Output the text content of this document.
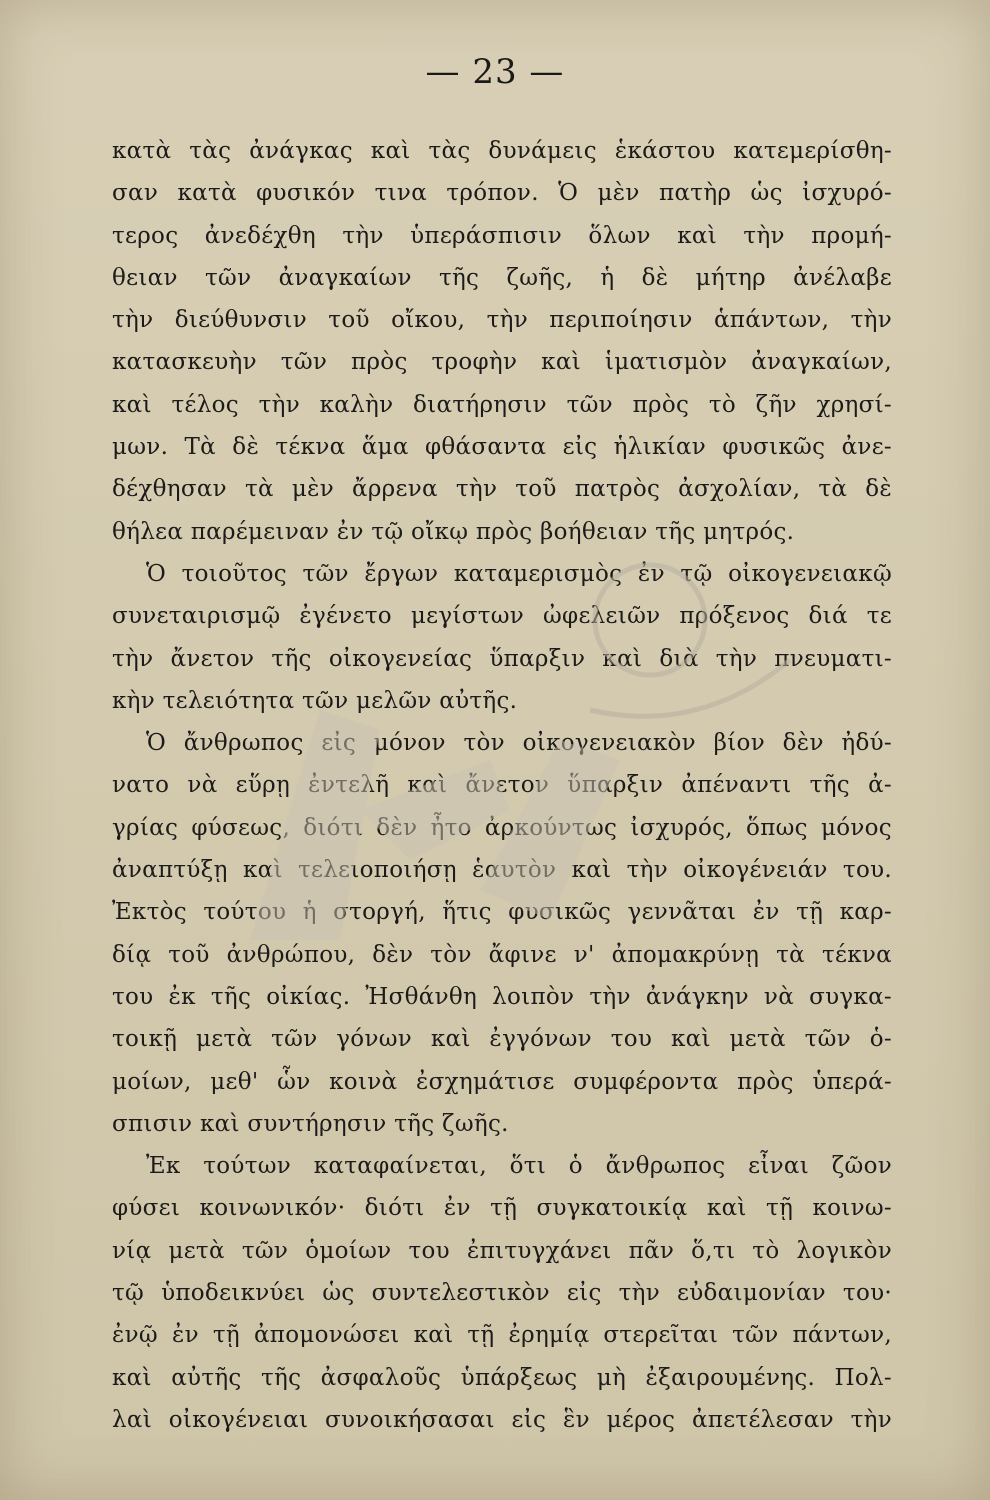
— 23 —
κατὰ τὰς ἀνάγκας καὶ τὰς δυνάμεις ἑκάστου κατεμερίσθη-
σαν κατὰ φυσικόν τινα τρόπον. Ὁ μὲν πατὴρ ὡς ἰσχυρό-
τερος ἀνεδέχθη τὴν ὑπεράσπισιν ὅλων καὶ τὴν προμή-
θειαν τῶν ἀναγκαίων τῆς ζωῆς, ἡ δὲ μήτηρ ἀνέλαβε
τὴν διεύθυνσιν τοῦ οἴκου, τὴν περιποίησιν ἁπάντων, τὴν
κατασκευὴν τῶν πρὸς τροφὴν καὶ ἱματισμὸν ἀναγκαίων,
καὶ τέλος τὴν καλὴν διατήρησιν τῶν πρὸς τὸ ζῆν χρησί-
μων. Τὰ δὲ τέκνα ἅμα φθάσαντα εἰς ἡλικίαν φυσικῶς ἀνε-
δέχθησαν τὰ μὲν ἄρρενα τὴν τοῦ πατρὸς ἀσχολίαν, τὰ δὲ
θήλεα παρέμειναν ἐν τῷ οἴκῳ πρὸς βοήθειαν τῆς μητρός.
Ὁ τοιοῦτος τῶν ἔργων καταμερισμὸς ἐν τῷ οἰκογενειακῷ
συνεταιρισμῷ ἐγένετο μεγίστων ὠφελειῶν πρόξενος διά τε
τὴν ἄνετον τῆς οἰκογενείας ὕπαρξιν καὶ διὰ τὴν πνευματι-
κὴν τελειότητα τῶν μελῶν αὐτῆς.
Ὁ ἄνθρωπος εἰς μόνον τὸν οἰκογενειακὸν βίον δὲν ἠδύ-
νατο νὰ εὕρῃ ἐντελῆ καὶ ἄνετον ὕπαρξιν ἀπέναντι τῆς ἀ-
γρίας φύσεως, διότι δὲν ἦτο ἀρκούντως ἰσχυρός, ὅπως μόνος
ἀναπτύξῃ καὶ τελειοποιήσῃ ἑαυτὸν καὶ τὴν οἰκογένειάν του.
Ἐκτὸς τούτου ἡ στοργή, ἥτις φυσικῶς γεννᾶται ἐν τῇ καρ-
δίᾳ τοῦ ἀνθρώπου, δὲν τὸν ἄφινε ν' ἀπομακρύνῃ τὰ τέκνα
του ἐκ τῆς οἰκίας. Ἠσθάνθη λοιπὸν τὴν ἀνάγκην νὰ συγκα-
τοικῇ μετὰ τῶν γόνων καὶ ἐγγόνων του καὶ μετὰ τῶν ὁ-
μοίων, μεθ' ὧν κοινὰ ἐσχημάτισε συμφέροντα πρὸς ὑπερά-
σπισιν καὶ συντήρησιν τῆς ζωῆς.
Ἐκ τούτων καταφαίνεται, ὅτι ὁ ἄνθρωπος εἶναι ζῶον
φύσει κοινωνικόν· διότι ἐν τῇ συγκατοικίᾳ καὶ τῇ κοινω-
νίᾳ μετὰ τῶν ὁμοίων του ἐπιτυγχάνει πᾶν ὅ,τι τὸ λογικὸν
τῷ ὑποδεικνύει ὡς συντελεστικὸν εἰς τὴν εὐδαιμονίαν του·
ἐνῷ ἐν τῇ ἀπομονώσει καὶ τῇ ἐρημίᾳ στερεῖται τῶν πάντων,
καὶ αὐτῆς τῆς ἀσφαλοῦς ὑπάρξεως μὴ ἐξαιρουμένης. Πολ-
λαὶ οἰκογένειαι συνοικήσασαι εἰς ἓν μέρος ἀπετέλεσαν τὴν
